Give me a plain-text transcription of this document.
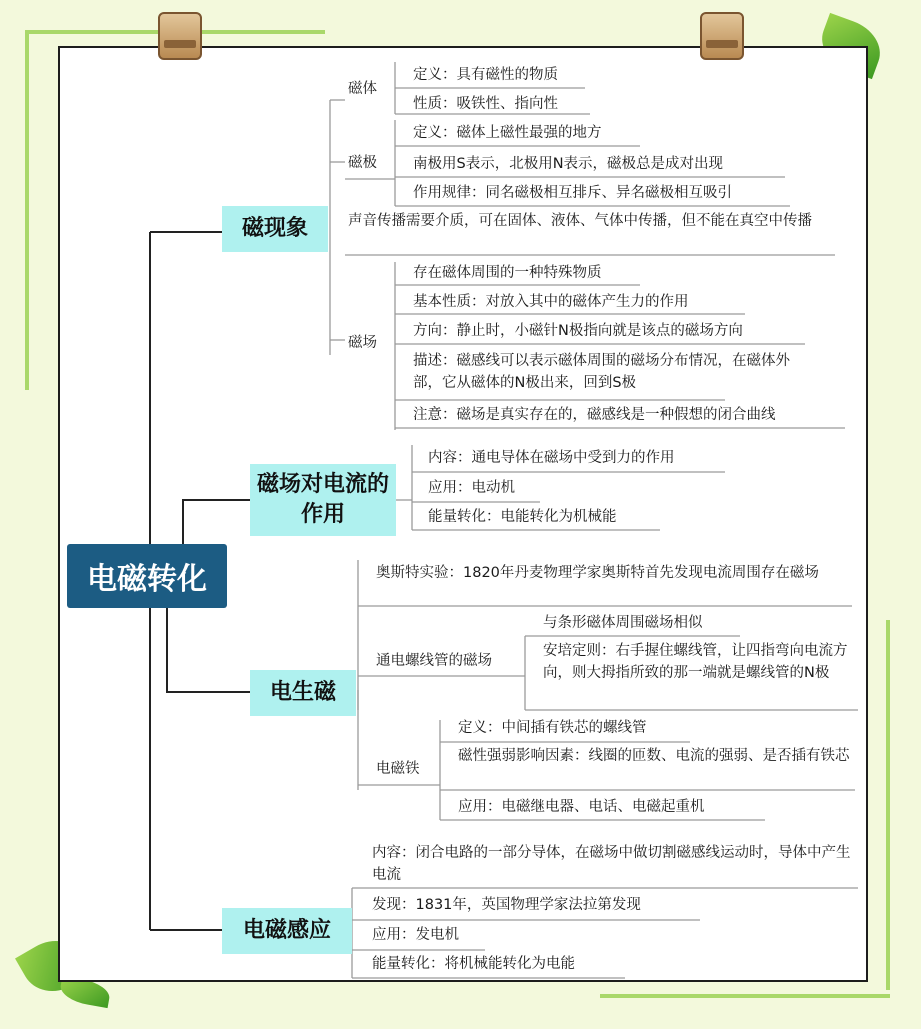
电磁转化
磁现象
磁体
定义：具有磁性的物质
性质：吸铁性、指向性
磁极
定义：磁体上磁性最强的地方
南极用S表示，北极用N表示，磁极总是成对出现
作用规律：同名磁极相互排斥、异名磁极相互吸引
声音传播需要介质，可在固体、液体、气体中传播，但不能在真空中传播
磁场
存在磁体周围的一种特殊物质
基本性质：对放入其中的磁体产生力的作用
方向：静止时，小磁针N极指向就是该点的磁场方向
描述：磁感线可以表示磁体周围的磁场分布情况，在磁体外部，它从磁体的N极出来，回到S极
注意：磁场是真实存在的，磁感线是一种假想的闭合曲线
磁场对电流的作用
内容：通电导体在磁场中受到力的作用
应用：电动机
能量转化：电能转化为机械能
电生磁
奥斯特实验：1820年丹麦物理学家奥斯特首先发现电流周围存在磁场
通电螺线管的磁场
与条形磁体周围磁场相似
安培定则：右手握住螺线管，让四指弯向电流方向，则大拇指所致的那一端就是螺线管的N极
电磁铁
定义：中间插有铁芯的螺线管
磁性强弱影响因素：线圈的匝数、电流的强弱、是否插有铁芯
应用：电磁继电器、电话、电磁起重机
电磁感应
内容：闭合电路的一部分导体，在磁场中做切割磁感线运动时，导体中产生电流
发现：1831年，英国物理学家法拉第发现
应用：发电机
能量转化：将机械能转化为电能
